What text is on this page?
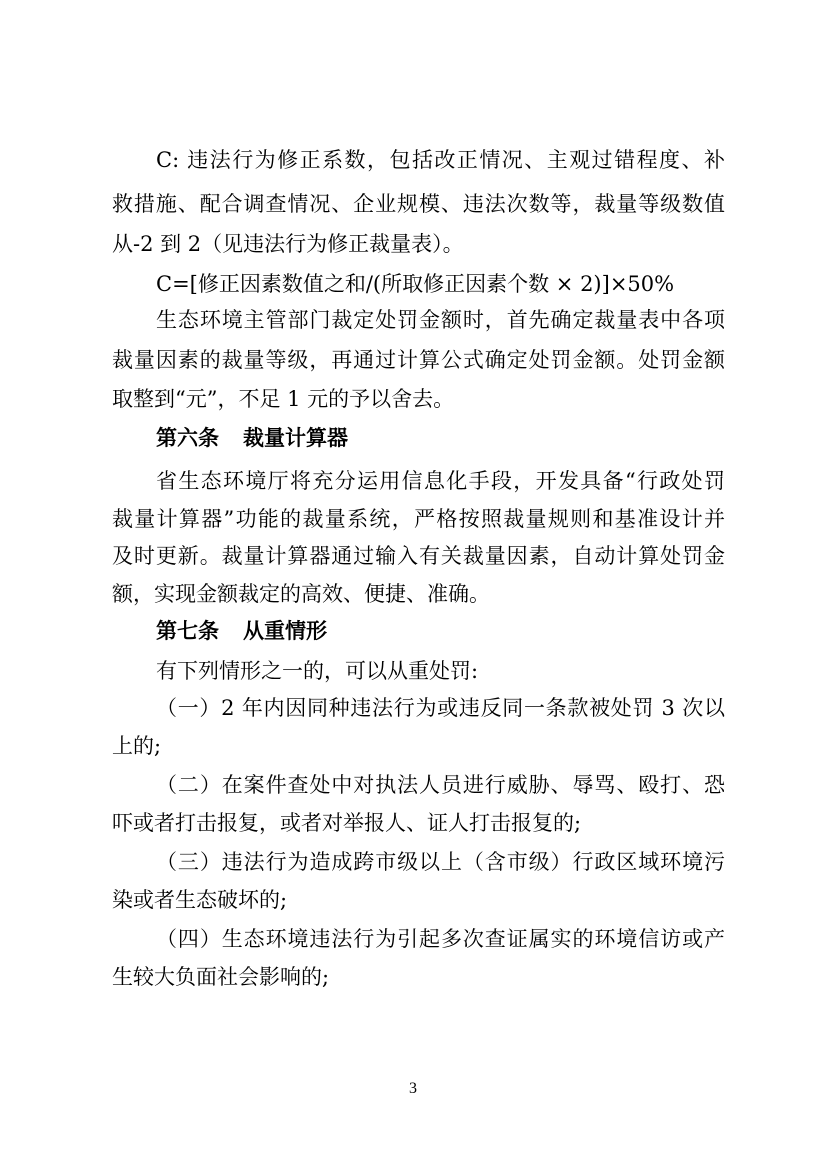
C: 违法行为修正系数，包括改正情况、主观过错程度、补
救措施、配合调查情况、企业规模、违法次数等，裁量等级数值
从-2 到 2（见违法行为修正裁量表）。
C=[修正因素数值之和/(所取修正因素个数 × 2)]×50%
生态环境主管部门裁定处罚金额时，首先确定裁量表中各项
裁量因素的裁量等级，再通过计算公式确定处罚金额。处罚金额
取整到“元”，不足 1 元的予以舍去。
第六条 裁量计算器
省生态环境厅将充分运用信息化手段，开发具备“行政处罚
裁量计算器”功能的裁量系统，严格按照裁量规则和基准设计并
及时更新。裁量计算器通过输入有关裁量因素，自动计算处罚金
额，实现金额裁定的高效、便捷、准确。
第七条 从重情形
有下列情形之一的，可以从重处罚:
（一）2 年内因同种违法行为或违反同一条款被处罚 3 次以
上的;
（二）在案件查处中对执法人员进行威胁、辱骂、殴打、恐
吓或者打击报复，或者对举报人、证人打击报复的;
（三）违法行为造成跨市级以上（含市级）行政区域环境污
染或者生态破坏的;
（四）生态环境违法行为引起多次查证属实的环境信访或产
生较大负面社会影响的;
3
